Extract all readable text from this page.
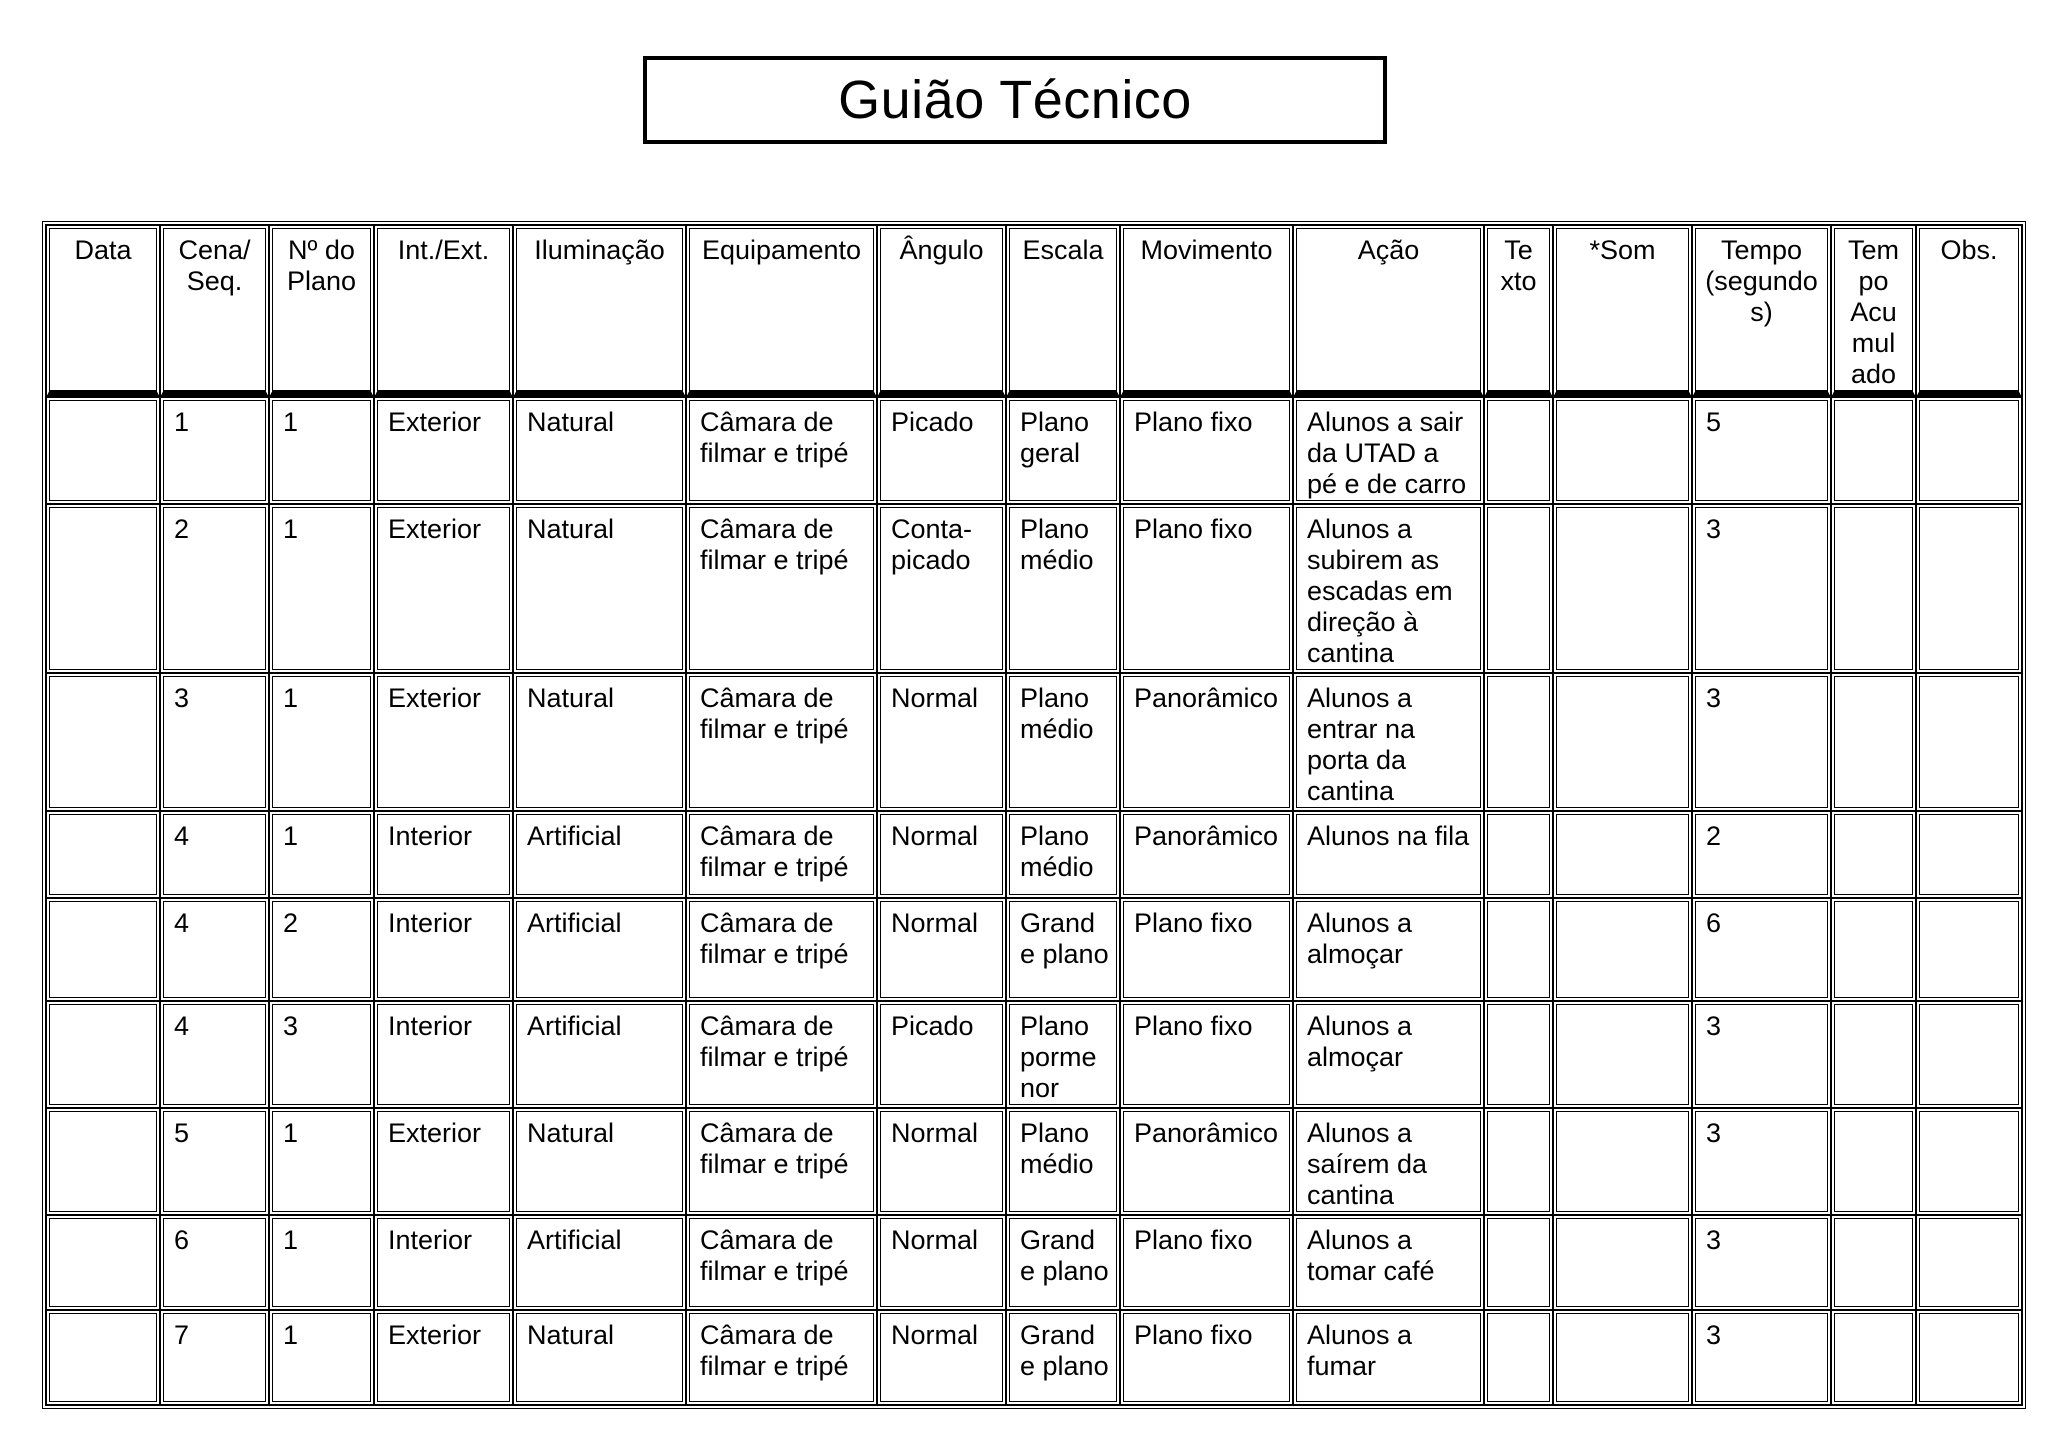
Guião Técnico
Data	Cena/ Seq.	Nº do Plano	Int./Ext.	Iluminação	Equipamento	Ângulo	Escala	Movimento	Ação	Te xto	*Som	Tempo (segundo s)	Tem po Acu mul ado	Obs.
	1	1	Exterior	Natural	Câmara de filmar e tripé	Picado	Plano geral	Plano fixo	Alunos a sair da UTAD a pé e de carro			5		
	2	1	Exterior	Natural	Câmara de filmar e tripé	Conta-picado	Plano médio	Plano fixo	Alunos a subirem as escadas em direção à cantina			3		
	3	1	Exterior	Natural	Câmara de filmar e tripé	Normal	Plano médio	Panorâmico	Alunos a entrar na porta da cantina			3		
	4	1	Interior	Artificial	Câmara de filmar e tripé	Normal	Plano médio	Panorâmico	Alunos na fila			2		
	4	2	Interior	Artificial	Câmara de filmar e tripé	Normal	Grand e plano	Plano fixo	Alunos a almoçar			6		
	4	3	Interior	Artificial	Câmara de filmar e tripé	Picado	Plano porme nor	Plano fixo	Alunos a almoçar			3		
	5	1	Exterior	Natural	Câmara de filmar e tripé	Normal	Plano médio	Panorâmico	Alunos a saírem da cantina			3		
	6	1	Interior	Artificial	Câmara de filmar e tripé	Normal	Grand e plano	Plano fixo	Alunos a tomar café			3		
	7	1	Exterior	Natural	Câmara de filmar e tripé	Normal	Grand e plano	Plano fixo	Alunos a fumar			3		
